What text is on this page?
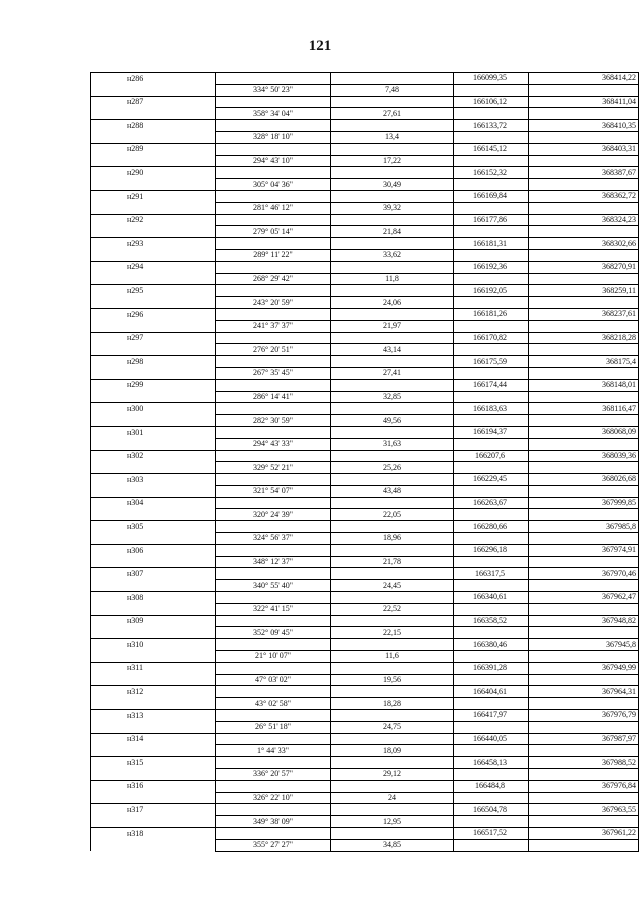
121
н286			166099,35	368414,22
	334° 50' 23"	7,48		
н287			166106,12	368411,04
	358° 34' 04"	27,61		
н288			166133,72	368410,35
	328° 18' 10"	13,4		
н289			166145,12	368403,31
	294° 43' 10"	17,22		
н290			166152,32	368387,67
	305° 04' 36"	30,49		
н291			166169,84	368362,72
	281° 46' 12"	39,32		
н292			166177,86	368324,23
	279° 05' 14"	21,84		
н293			166181,31	368302,66
	289° 11' 22"	33,62		
н294			166192,36	368270,91
	268° 29' 42"	11,8		
н295			166192,05	368259,11
	243° 20' 59"	24,06		
н296			166181,26	368237,61
	241° 37' 37"	21,97		
н297			166170,82	368218,28
	276° 20' 51"	43,14		
н298			166175,59	368175,4
	267° 35' 45"	27,41		
н299			166174,44	368148,01
	286° 14' 41"	32,85		
н300			166183,63	368116,47
	282° 30' 59"	49,56		
н301			166194,37	368068,09
	294° 43' 33"	31,63		
н302			166207,6	368039,36
	329° 52' 21"	25,26		
н303			166229,45	368026,68
	321° 54' 07"	43,48		
н304			166263,67	367999,85
	320° 24' 39"	22,05		
н305			166280,66	367985,8
	324° 56' 37"	18,96		
н306			166296,18	367974,91
	348° 12' 37"	21,78		
н307			166317,5	367970,46
	340° 55' 40"	24,45		
н308			166340,61	367962,47
	322° 41' 15"	22,52		
н309			166358,52	367948,82
	352° 09' 45"	22,15		
н310			166380,46	367945,8
	21° 10' 07"	11,6		
н311			166391,28	367949,99
	47° 03' 02"	19,56		
н312			166404,61	367964,31
	43° 02' 58"	18,28		
н313			166417,97	367976,79
	26° 51' 18"	24,75		
н314			166440,05	367987,97
	1° 44' 33"	18,09		
н315			166458,13	367988,52
	336° 20' 57"	29,12		
н316			166484,8	367976,84
	326° 22' 10"	24		
н317			166504,78	367963,55
	349° 38' 09"	12,95		
н318			166517,52	367961,22
	355° 27' 27"	34,85		
